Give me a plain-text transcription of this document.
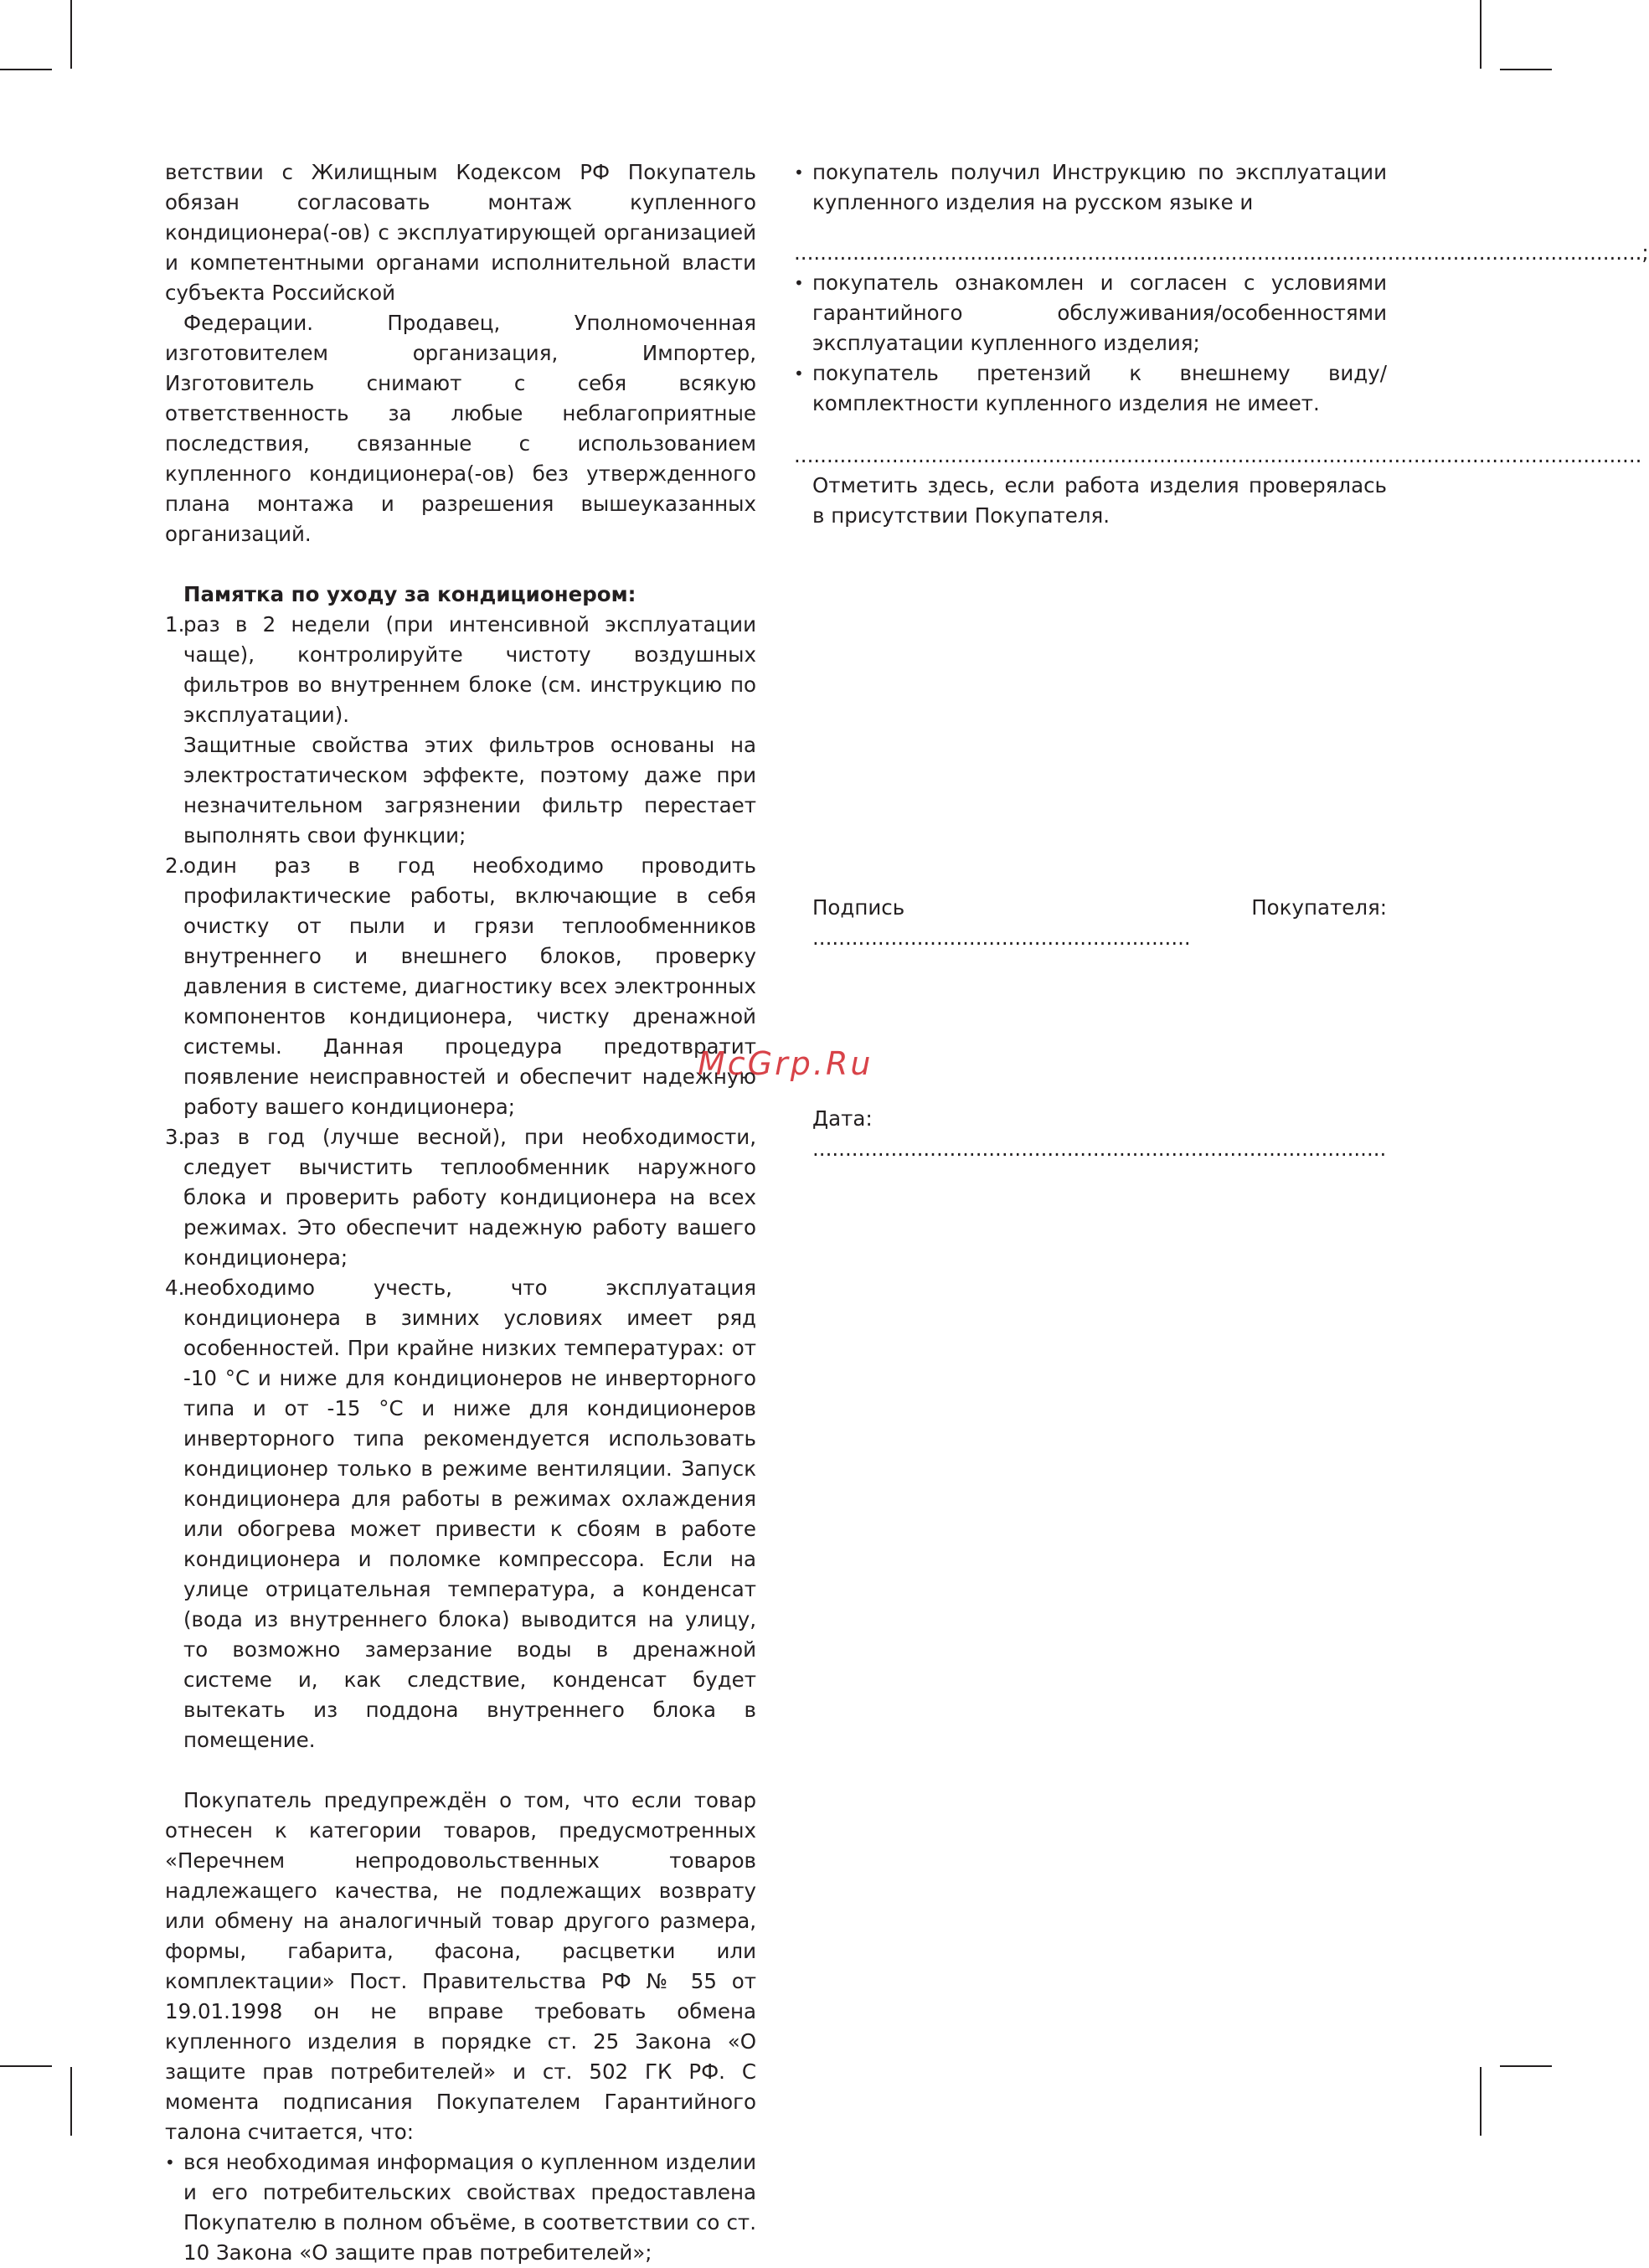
ветствии с Жилищным Кодексом РФ Покупатель обязан согласовать монтаж купленного кондиционера(-ов) с эксплуатирующей организацией и компетентными органами исполнительной власти субъекта Российской

Федерации. Продавец, Уполномоченная изготовителем организация, Импортер, Изготовитель снимают с себя всякую ответственность за любые неблагоприятные последствия, связанные с использованием купленного кондиционера(-ов) без утвержденного плана монтажа и разрешения вышеуказанных организаций.

Памятка по уходу за кондиционером:

1.

раз в 2 недели (при интенсивной эксплуатации чаще), контролируйте чистоту воздушных фильтров во внутреннем блоке (см. инструкцию по эксплуатации).

Защитные свойства этих фильтров основаны на электростатическом эффекте, поэтому даже при незначительном загрязнении фильтр перестает выполнять свои функции;

2.

один раз в год необходимо проводить профилактические работы, включающие в себя очистку от пыли и грязи теплообменников внутреннего и внешнего блоков, проверку давления в системе, диагностику всех электронных компонентов кондиционера, чистку дренажной системы. Данная процедура предотвратит появление неисправностей и обеспечит надежную работу вашего кондиционера;

3.

раз в год (лучше весной), при необходимости, следует вычистить теплообменник наружного блока и проверить работу кондиционера на всех режимах. Это обеспечит надежную работу вашего кондиционера;

4.

необходимо учесть, что эксплуатация кондиционера в зимних условиях имеет ряд особенностей. При крайне низких температурах: от -10 °С и ниже для кондиционеров не инверторного типа и от -15 °С и ниже для кондиционеров инверторного типа рекомендуется использовать кондиционер только в режиме вентиляции. Запуск кондиционера для работы в режимах охлаждения или обогрева может привести к сбоям в работе кондиционера и поломке компрессора. Если на улице отрицательная температура, а конденсат (вода из внутреннего блока) выводится на улицу, то возможно замерзание воды в дренажной системе и, как следствие, конденсат будет вытекать из поддона внутреннего блока в помещение.

Покупатель предупреждён о том, что если товар отнесен к категории товаров, предусмотренных «Перечнем непродовольственных товаров надлежащего качества, не подлежащих возврату или обмену на аналогичный товар другого размера, формы, габарита, фасона, расцветки или комплектации» Пост. Правительства РФ № 55 от 19.01.1998 он не вправе требовать обмена купленного изделия в порядке ст. 25 Закона «О защите прав потребителей» и ст. 502 ГК РФ. С момента подписания Покупателем Гарантийного талона считается, что:

• вся необходимая информация о купленном изделии и его потребительских свойствах предоставлена Покупателю в полном объёме, в соответствии со ст. 10 Закона «О защите прав потребителей»;
• покупатель получил Инструкцию по эксплуатации купленного изделия на русском языке и

..................................................................................................................................;

• покупатель ознакомлен и согласен с условиями гарантийного обслуживания/особенностями эксплуатации купленного изделия;
• покупатель претензий к внешнему виду/комплектности купленного изделия не имеет.

..................................................................................................................................

Отметить здесь, если работа изделия проверялась в присутствии Покупателя.

Подпись Покупателя: ..........................................................

Дата: ........................................................................................

McGrp.Ru
